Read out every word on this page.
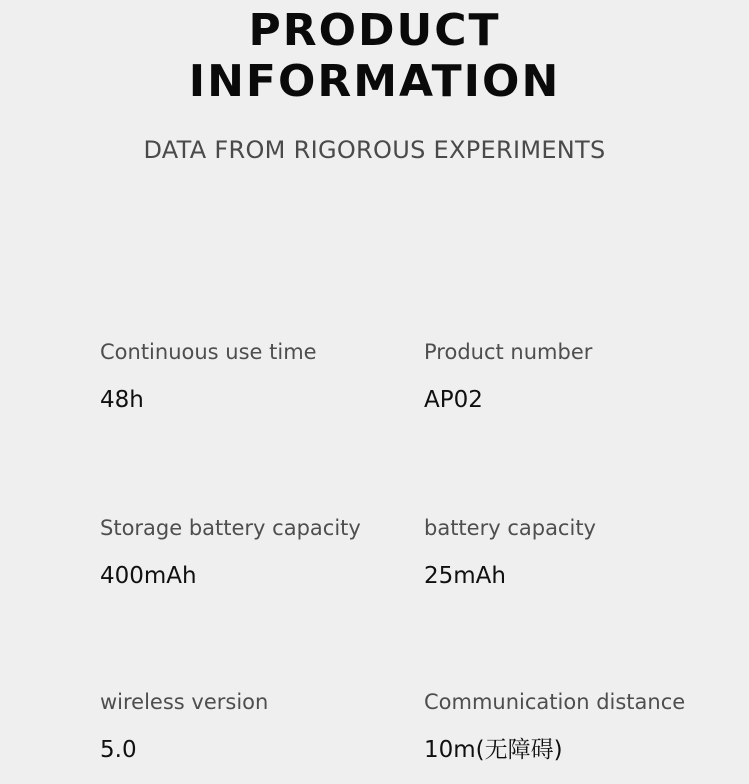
PRODUCT
INFORMATION
DATA FROM RIGOROUS EXPERIMENTS
Continuous use time
48h
Product number
AP02
Storage battery capacity
400mAh
battery capacity
25mAh
wireless version
5.0
Communication distance
10m(无障碍)
